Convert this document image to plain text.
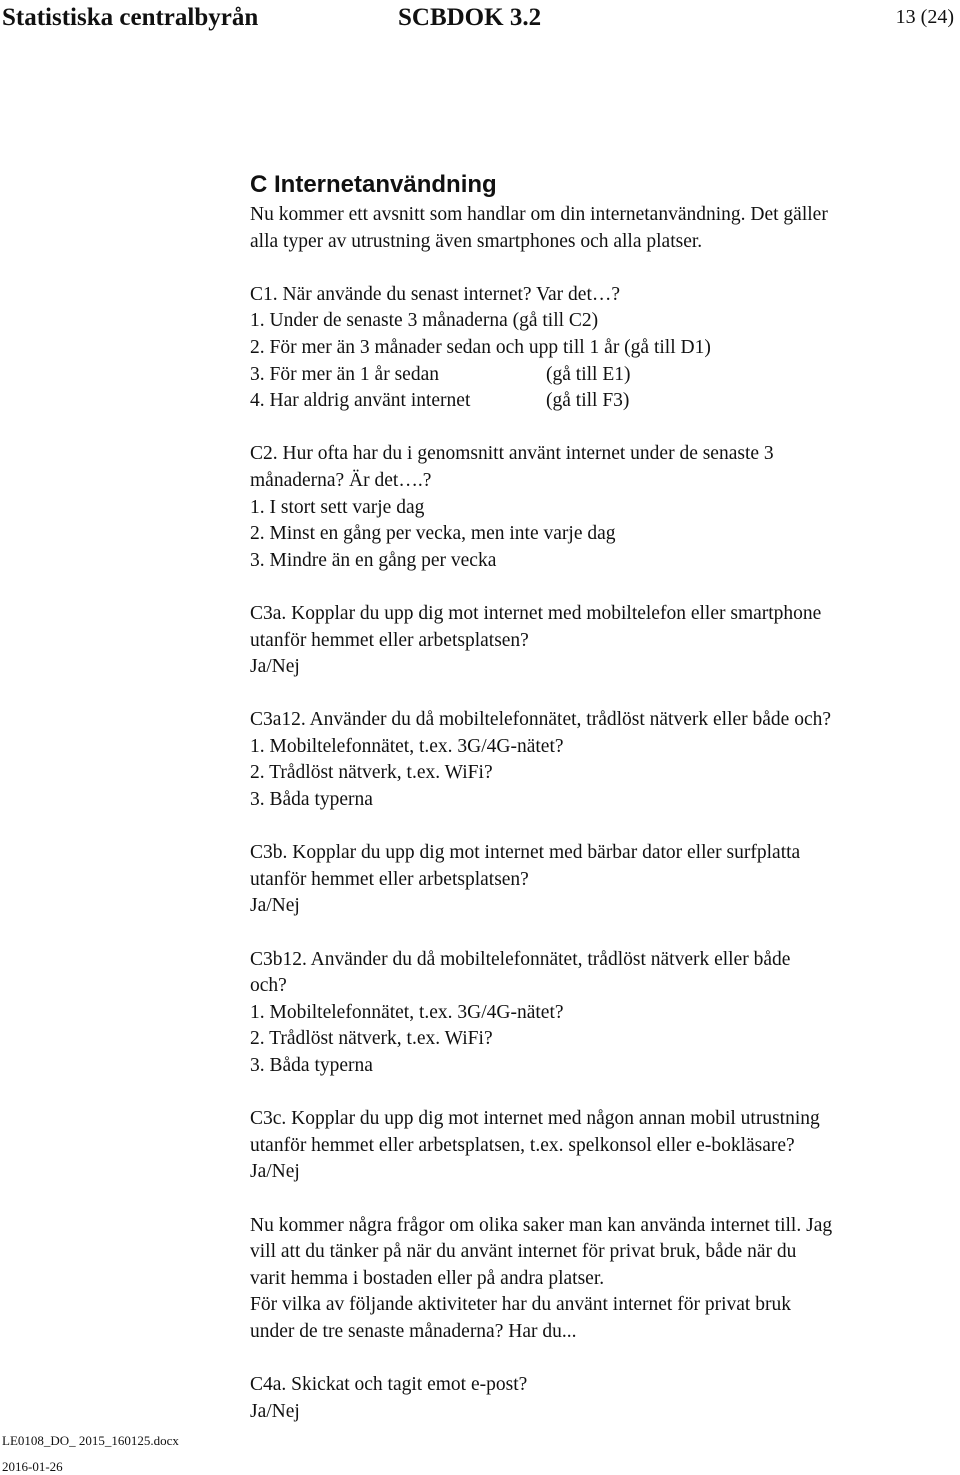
Statistiska centralbyrån	SCBDOK 3.2	13 (24)
C Internetanvändning
Nu kommer ett avsnitt som handlar om din internetanvändning. Det gäller
alla typer av utrustning även smartphones och alla platser.
C1. När använde du senast internet? Var det…?
1. Under de senaste 3 månaderna (gå till C2)
2. För mer än 3 månader sedan och upp till 1 år (gå till D1)
3. För mer än 1 år sedan	(gå till E1)
4. Har aldrig använt internet	(gå till F3)
C2. Hur ofta har du i genomsnitt använt internet under de senaste 3
månaderna? Är det….?
1. I stort sett varje dag
2. Minst en gång per vecka, men inte varje dag
3. Mindre än en gång per vecka
C3a. Kopplar du upp dig mot internet med mobiltelefon eller smartphone
utanför hemmet eller arbetsplatsen?
Ja/Nej
C3a12. Använder du då mobiltelefonnätet, trådlöst nätverk eller både och?
1. Mobiltelefonnätet, t.ex. 3G/4G-nätet?
2. Trådlöst nätverk, t.ex. WiFi?
3. Båda typerna
C3b. Kopplar du upp dig mot internet med bärbar dator eller surfplatta
utanför hemmet eller arbetsplatsen?
Ja/Nej
C3b12. Använder du då mobiltelefonnätet, trådlöst nätverk eller både
och?
1. Mobiltelefonnätet, t.ex. 3G/4G-nätet?
2. Trådlöst nätverk, t.ex. WiFi?
3. Båda typerna
C3c. Kopplar du upp dig mot internet med någon annan mobil utrustning
utanför hemmet eller arbetsplatsen, t.ex. spelkonsol eller e-bokläsare?
Ja/Nej
Nu kommer några frågor om olika saker man kan använda internet till. Jag
vill att du tänker på när du använt internet för privat bruk, både när du
varit hemma i bostaden eller på andra platser.
För vilka av följande aktiviteter har du använt internet för privat bruk
under de tre senaste månaderna? Har du...
C4a. Skickat och tagit emot e-post?
Ja/Nej
LE0108_DO_ 2015_160125.docx
2016-01-26
